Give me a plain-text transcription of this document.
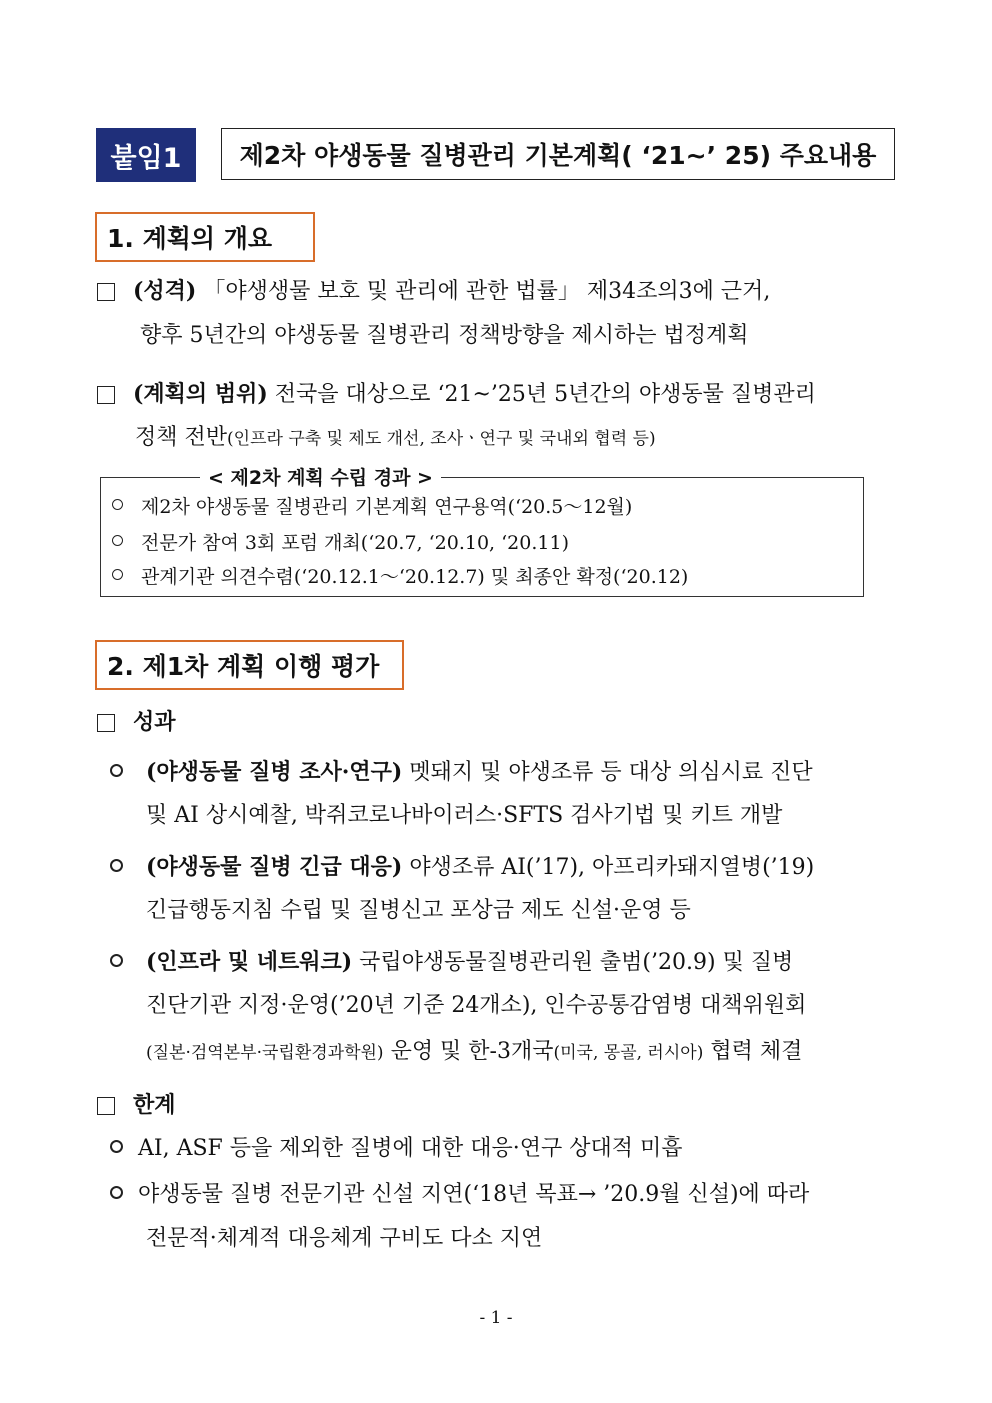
붙임1	제2차 야생동물 질병관리 기본계획( ‘21~’ 25) 주요내용
1. 계획의 개요
(성격) 「야생생물 보호 및 관리에 관한 법률」 제34조의3에 근거,
향후 5년간의 야생동물 질병관리 정책방향을 제시하는 법정계획
(계획의 범위) 전국을 대상으로 ‘21~’25년 5년간의 야생동물 질병관리
정책 전반(인프라 구축 및 제도 개선, 조사ㆍ연구 및 국내외 협력 등)
< 제2차 계획 수립 경과 >
제2차 야생동물 질병관리 기본계획 연구용역(‘20.5～12월)
전문가 참여 3회 포럼 개최(‘20.7, ‘20.10, ‘20.11)
관계기관 의견수렴(‘20.12.1～‘20.12.7) 및 최종안 확정(‘20.12)
2. 제1차 계획 이행 평가
성과
(야생동물 질병 조사·연구) 멧돼지 및 야생조류 등 대상 의심시료 진단
및 AI 상시예찰, 박쥐코로나바이러스·SFTS 검사기법 및 키트 개발
(야생동물 질병 긴급 대응) 야생조류 AI(’17), 아프리카돼지열병(’19)
긴급행동지침 수립 및 질병신고 포상금 제도 신설·운영 등
(인프라 및 네트워크) 국립야생동물질병관리원 출범(’20.9) 및 질병
진단기관 지정·운영(’20년 기준 24개소), 인수공통감염병 대책위원회
(질본·검역본부·국립환경과학원) 운영 및 한-3개국(미국, 몽골, 러시아) 협력 체결
한계
AI, ASF 등을 제외한 질병에 대한 대응·연구 상대적 미흡
야생동물 질병 전문기관 신설 지연(‘18년 목표→ ’20.9월 신설)에 따라
전문적·체계적 대응체계 구비도 다소 지연
- 1 -
